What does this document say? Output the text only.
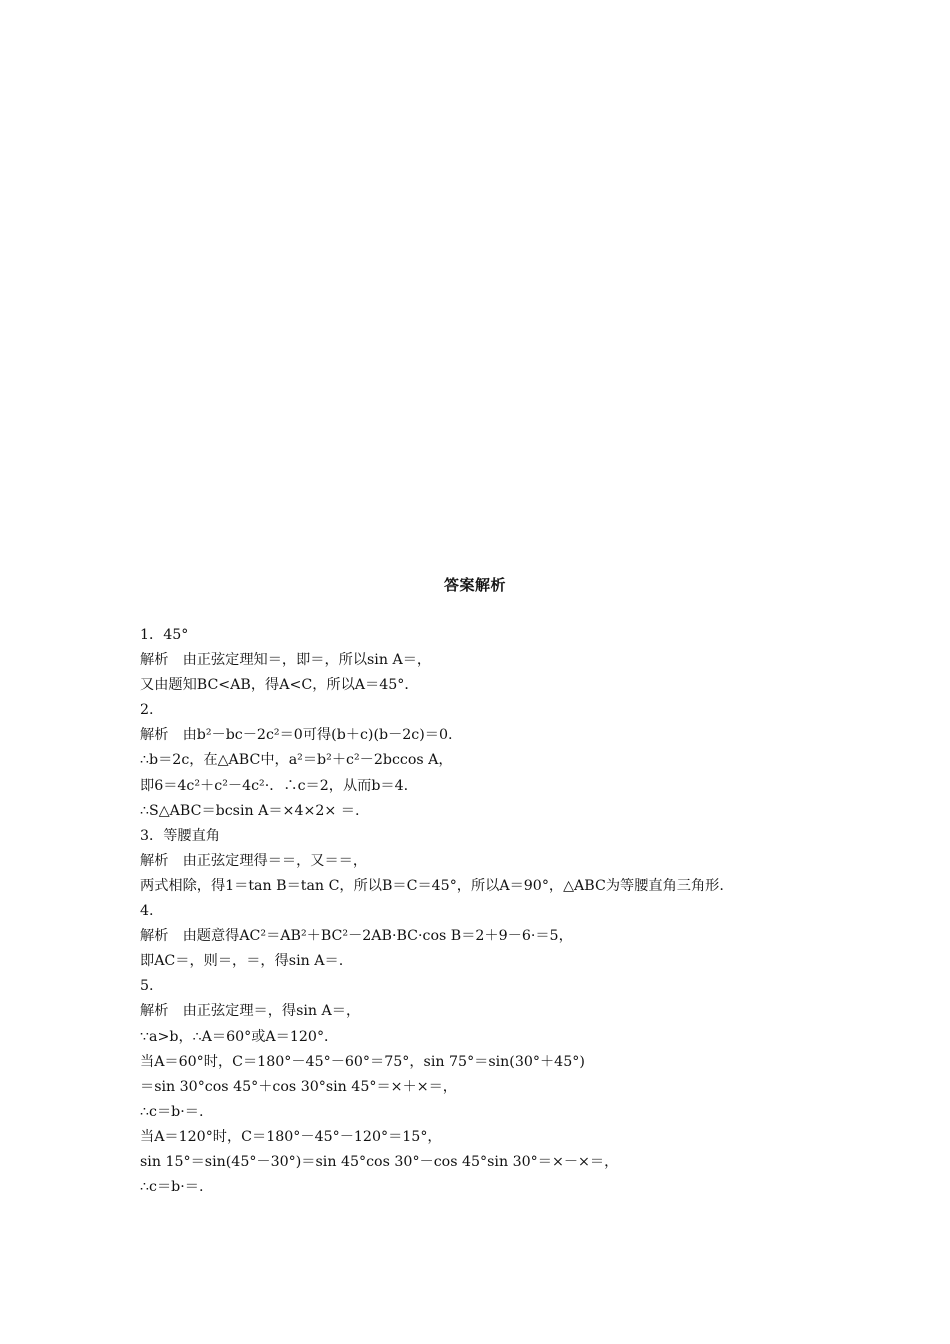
答案解析
1．45°
解析　由正弦定理知＝，即＝，所以sin A＝，
又由题知BC<AB，得A<C，所以A＝45°．
2.
解析　由b²－bc－2c²＝0可得(b＋c)(b－2c)＝0.
∴b＝2c，在△ABC中，a²＝b²＋c²－2bccos A，
即6＝4c²＋c²－4c²·．∴c＝2，从而b＝4.
∴S△ABC＝bcsin A＝×4×2× ＝.
3．等腰直角
解析　由正弦定理得＝＝，又＝＝，
两式相除，得1＝tan B＝tan C，所以B＝C＝45°，所以A＝90°，△ABC为等腰直角三角形.
4.
解析　由题意得AC²＝AB²＋BC²－2AB·BC·cos B＝2＋9－6·＝5，
即AC＝，则＝，＝，得sin A＝.
5.
解析　由正弦定理＝，得sin A＝，
∵a>b，∴A＝60°或A＝120°．
当A＝60°时，C＝180°－45°－60°＝75°，sin 75°＝sin(30°＋45°)
＝sin 30°cos 45°＋cos 30°sin 45°＝×＋×＝，
∴c＝b·＝.
当A＝120°时，C＝180°－45°－120°＝15°，
sin 15°＝sin(45°－30°)＝sin 45°cos 30°－cos 45°sin 30°＝×－×＝，
∴c＝b·＝.
